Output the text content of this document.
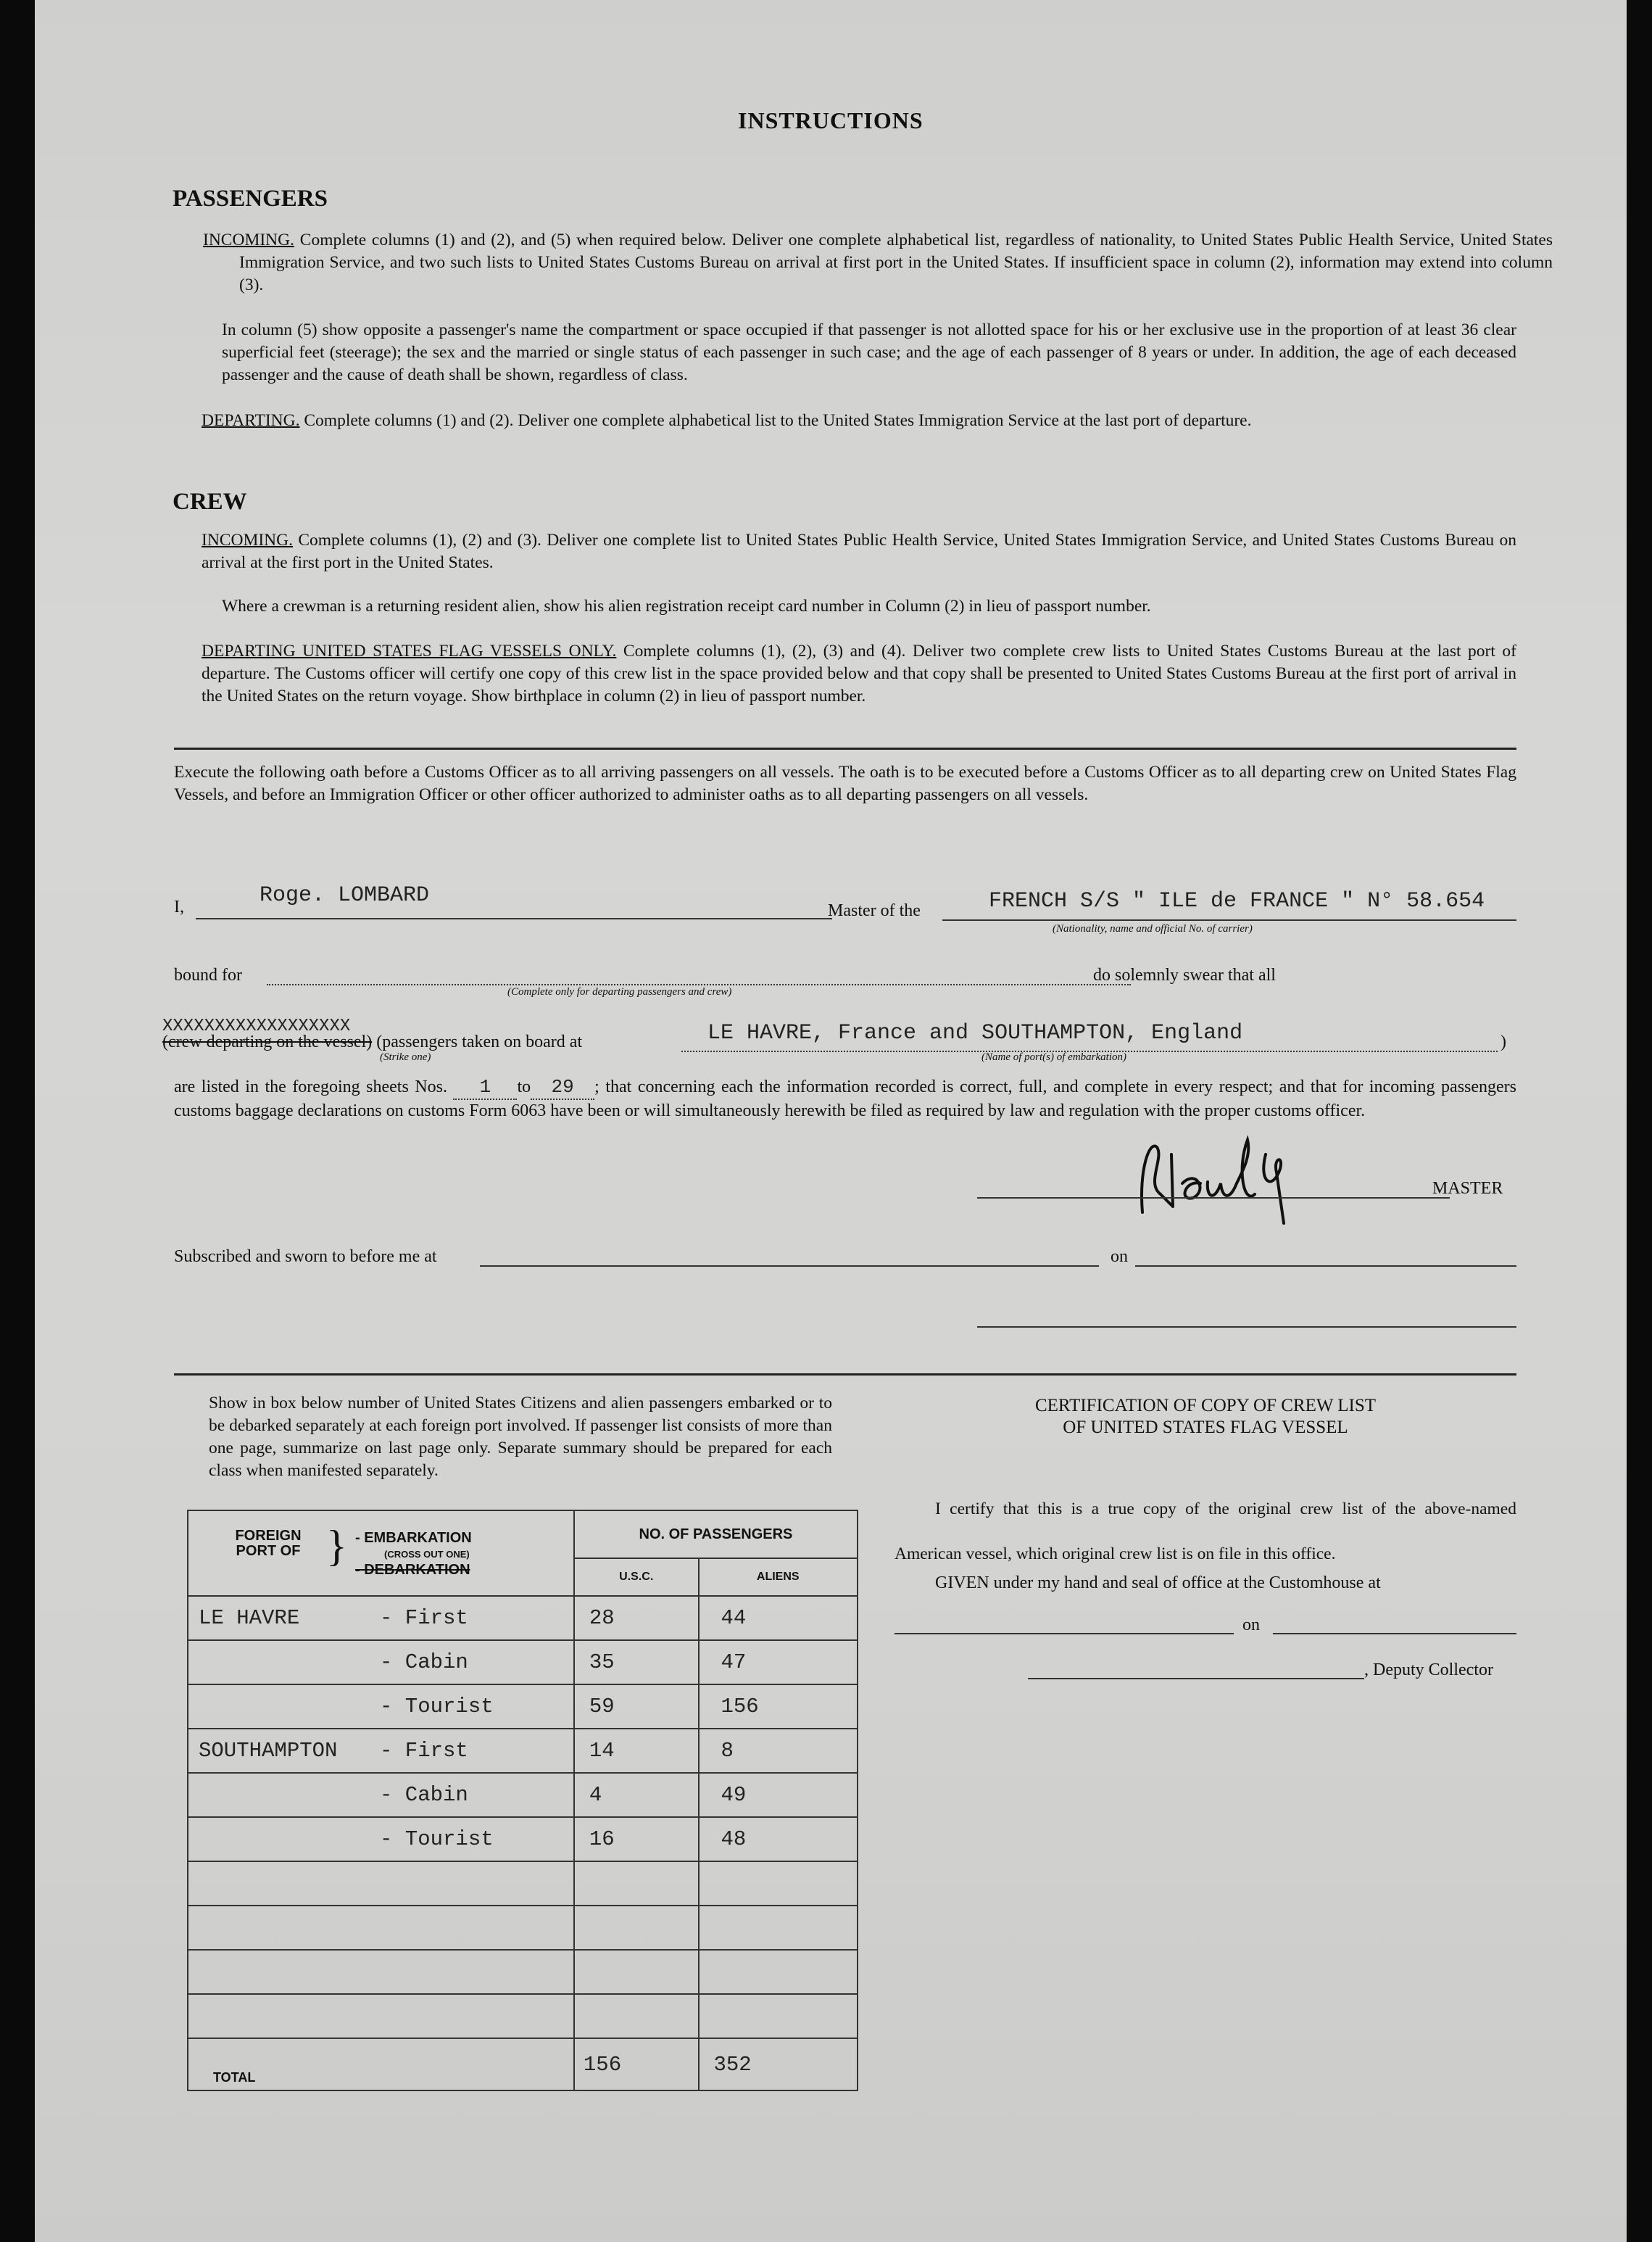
INSTRUCTIONS
PASSENGERS
INCOMING. Complete columns (1) and (2), and (5) when required below. Deliver one complete alphabetical list, regardless of nationality, to United States Public Health Service, United States Immigration Service, and two such lists to United States Customs Bureau on arrival at first port in the United States. If insufficient space in column (2), information may extend into column (3).
In column (5) show opposite a passenger's name the compartment or space occupied if that passenger is not allotted space for his or her exclusive use in the proportion of at least 36 clear superficial feet (steerage); the sex and the married or single status of each passenger in such case; and the age of each passenger of 8 years or under. In addition, the age of each deceased passenger and the cause of death shall be shown, regardless of class.
DEPARTING. Complete columns (1) and (2). Deliver one complete alphabetical list to the United States Immigration Service at the last port of departure.
CREW
INCOMING. Complete columns (1), (2) and (3). Deliver one complete list to United States Public Health Service, United States Immigration Service, and United States Customs Bureau on arrival at the first port in the United States.
Where a crewman is a returning resident alien, show his alien registration receipt card number in Column (2) in lieu of passport number.
DEPARTING UNITED STATES FLAG VESSELS ONLY. Complete columns (1), (2), (3) and (4). Deliver two complete crew lists to United States Customs Bureau at the last port of departure. The Customs officer will certify one copy of this crew list in the space provided below and that copy shall be presented to United States Customs Bureau at the first port of arrival in the United States on the return voyage. Show birthplace in column (2) in lieu of passport number.
Execute the following oath before a Customs Officer as to all arriving passengers on all vessels. The oath is to be executed before a Customs Officer as to all departing crew on United States Flag Vessels, and before an Immigration Officer or other officer authorized to administer oaths as to all departing passengers on all vessels.
I,	Roge. LOMBARD
Master of the	FRENCH S/S " ILE de FRANCE " N° 58.654
(Nationality, name and official No. of carrier)
bound for
(Complete only for departing passengers and crew)
do solemnly swear that all
XXXXXXXXXXXXXXXXXX
(crew departing on the vessel) (passengers taken on board at
(Strike one)
LE HAVRE, France and SOUTHAMPTON, England
(Name of port(s) of embarkation)
)
are listed in the foregoing sheets Nos. 1 to 29 ; that concerning each the information recorded is correct, full, and complete in every respect; and that for incoming passengers customs baggage declarations on customs Form 6063 have been or will simultaneously herewith be filed as required by law and regulation with the proper customs officer.
MASTER
Subscribed and sworn to before me at	on
Show in box below number of United States Citizens and alien passengers embarked or to be debarked separately at each foreign port involved. If passenger list consists of more than one page, summarize on last page only. Separate summary should be prepared for each class when manifested separately.
FOREIGN PORT OF } - EMBARKATION
(CROSS OUT ONE)
- DEBARKATION	NO. OF PASSENGERS	
	U.S.C.	ALIENS
LE HAVRE - First	28	44
- Cabin	35	47
- Tourist	59	156
SOUTHAMPTON - First	14	8
- Cabin	4	49
- Tourist	16	48

TOTAL	156	352
CERTIFICATION OF COPY OF CREW LIST
OF UNITED STATES FLAG VESSEL
I certify that this is a true copy of the original crew list of the above-named American vessel, which original crew list is on file in this office.
GIVEN under my hand and seal of office at the Customhouse at
on
, Deputy Collector
